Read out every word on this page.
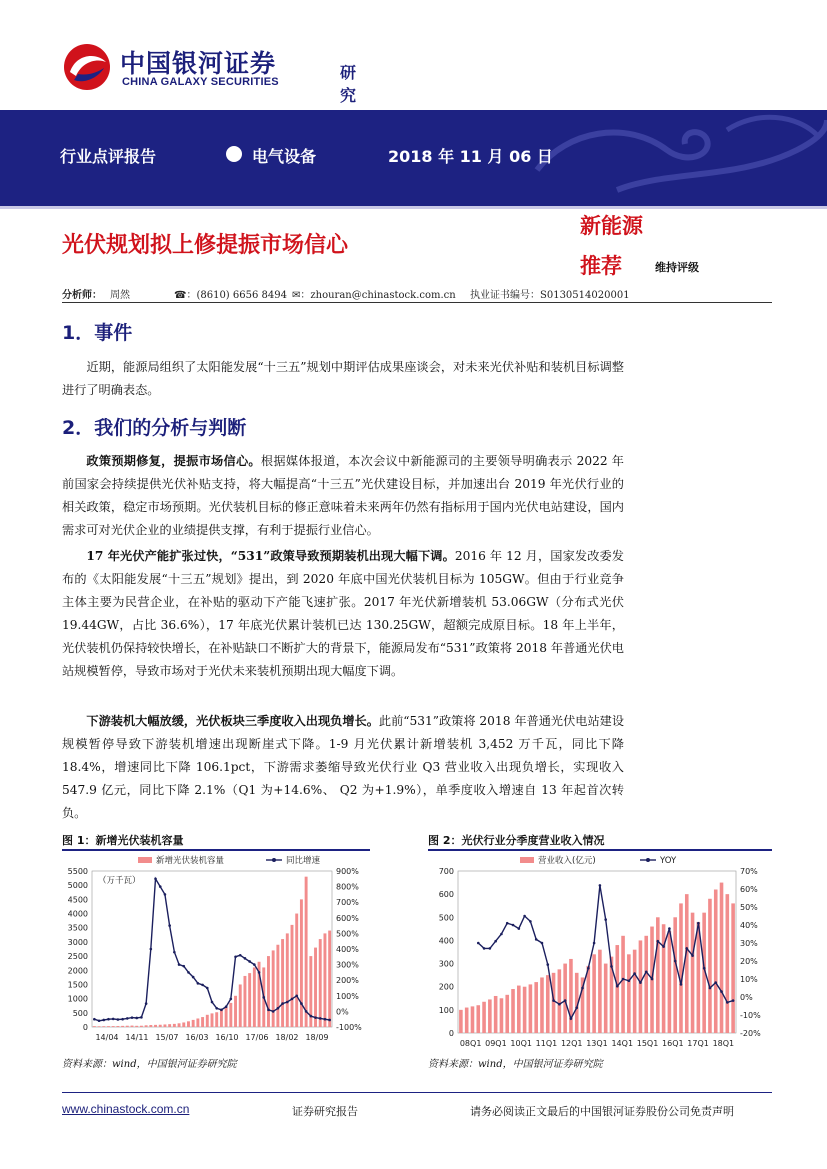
中国银河证券
CHINA GALAXY SECURITIES	研究
行业点评报告	电气设备	2018 年 11 月 06 日
光伏规划拟上修提振市场信心
新能源
推荐	维持评级
分析师： 周然	☎：(8610) 6656 8494 ✉：zhouran@chinastock.com.cn 执业证书编号：S0130514020001
1．事件
近期，能源局组织了太阳能发展“十三五”规划中期评估成果座谈会，对未来光伏补贴和装机目标调整进行了明确表态。
2．我们的分析与判断
政策预期修复，提振市场信心。根据媒体报道，本次会议中新能源司的主要领导明确表示 2022 年前国家会持续提供光伏补贴支持，将大幅提高“十三五”光伏建设目标，并加速出台 2019 年光伏行业的相关政策，稳定市场预期。光伏装机目标的修正意味着未来两年仍然有指标用于国内光伏电站建设，国内需求可对光伏企业的业绩提供支撑，有利于提振行业信心。
17 年光伏产能扩张过快，“531”政策导致预期装机出现大幅下调。2016 年 12 月，国家发改委发布的《太阳能发展“十三五”规划》提出，到 2020 年底中国光伏装机目标为 105GW。但由于行业竞争主体主要为民营企业，在补贴的驱动下产能飞速扩张。2017 年光伏新增装机 53.06GW（分布式光伏 19.44GW，占比 36.6%），17 年底光伏累计装机已达 130.25GW，超额完成原目标。18 年上半年，光伏装机仍保持较快增长，在补贴缺口不断扩大的背景下，能源局发布“531”政策将 2018 年普通光伏电站规模暂停，导致市场对于光伏未来装机预期出现大幅度下调。
下游装机大幅放缓，光伏板块三季度收入出现负增长。此前“531”政策将 2018 年普通光伏电站建设规模暂停导致下游装机增速出现断崖式下降。1-9 月光伏累计新增装机 3,452 万千瓦，同比下降 18.4%，增速同比下降 106.1pct，下游需求萎缩导致光伏行业 Q3 营业收入出现负增长，实现收入 547.9 亿元，同比下降 2.1%（Q1 为+14.6%、 Q2 为+1.9%），单季度收入增速自 13 年起首次转负。
图 1：新增光伏装机容量
0
500
1000
1500
2000
2500
3000
3500
4000
4500
5000
5500
-100%
0%
100%
200%
300%
400%
500%
600%
700%
800%
900%
14/04 14/11 15/07 16/03 16/10 17/06 18/02 18/09
新增光伏装机容量	同比增速
（万千瓦）
资料来源：wind，中国银河证券研究院
图 2：光伏行业分季度营业收入情况
0
100
200
300
400
500
600
700
-20%
-10%
0%
10%
20%
30%
40%
50%
60%
70%
08Q1 09Q1 10Q1 11Q1 12Q1 13Q1 14Q1 15Q1 16Q1 17Q1 18Q1
营业收入(亿元)	YOY
资料来源：wind，中国银河证券研究院
www.chinastock.com.cn	证券研究报告	请务必阅读正文最后的中国银河证券股份公司免责声明
